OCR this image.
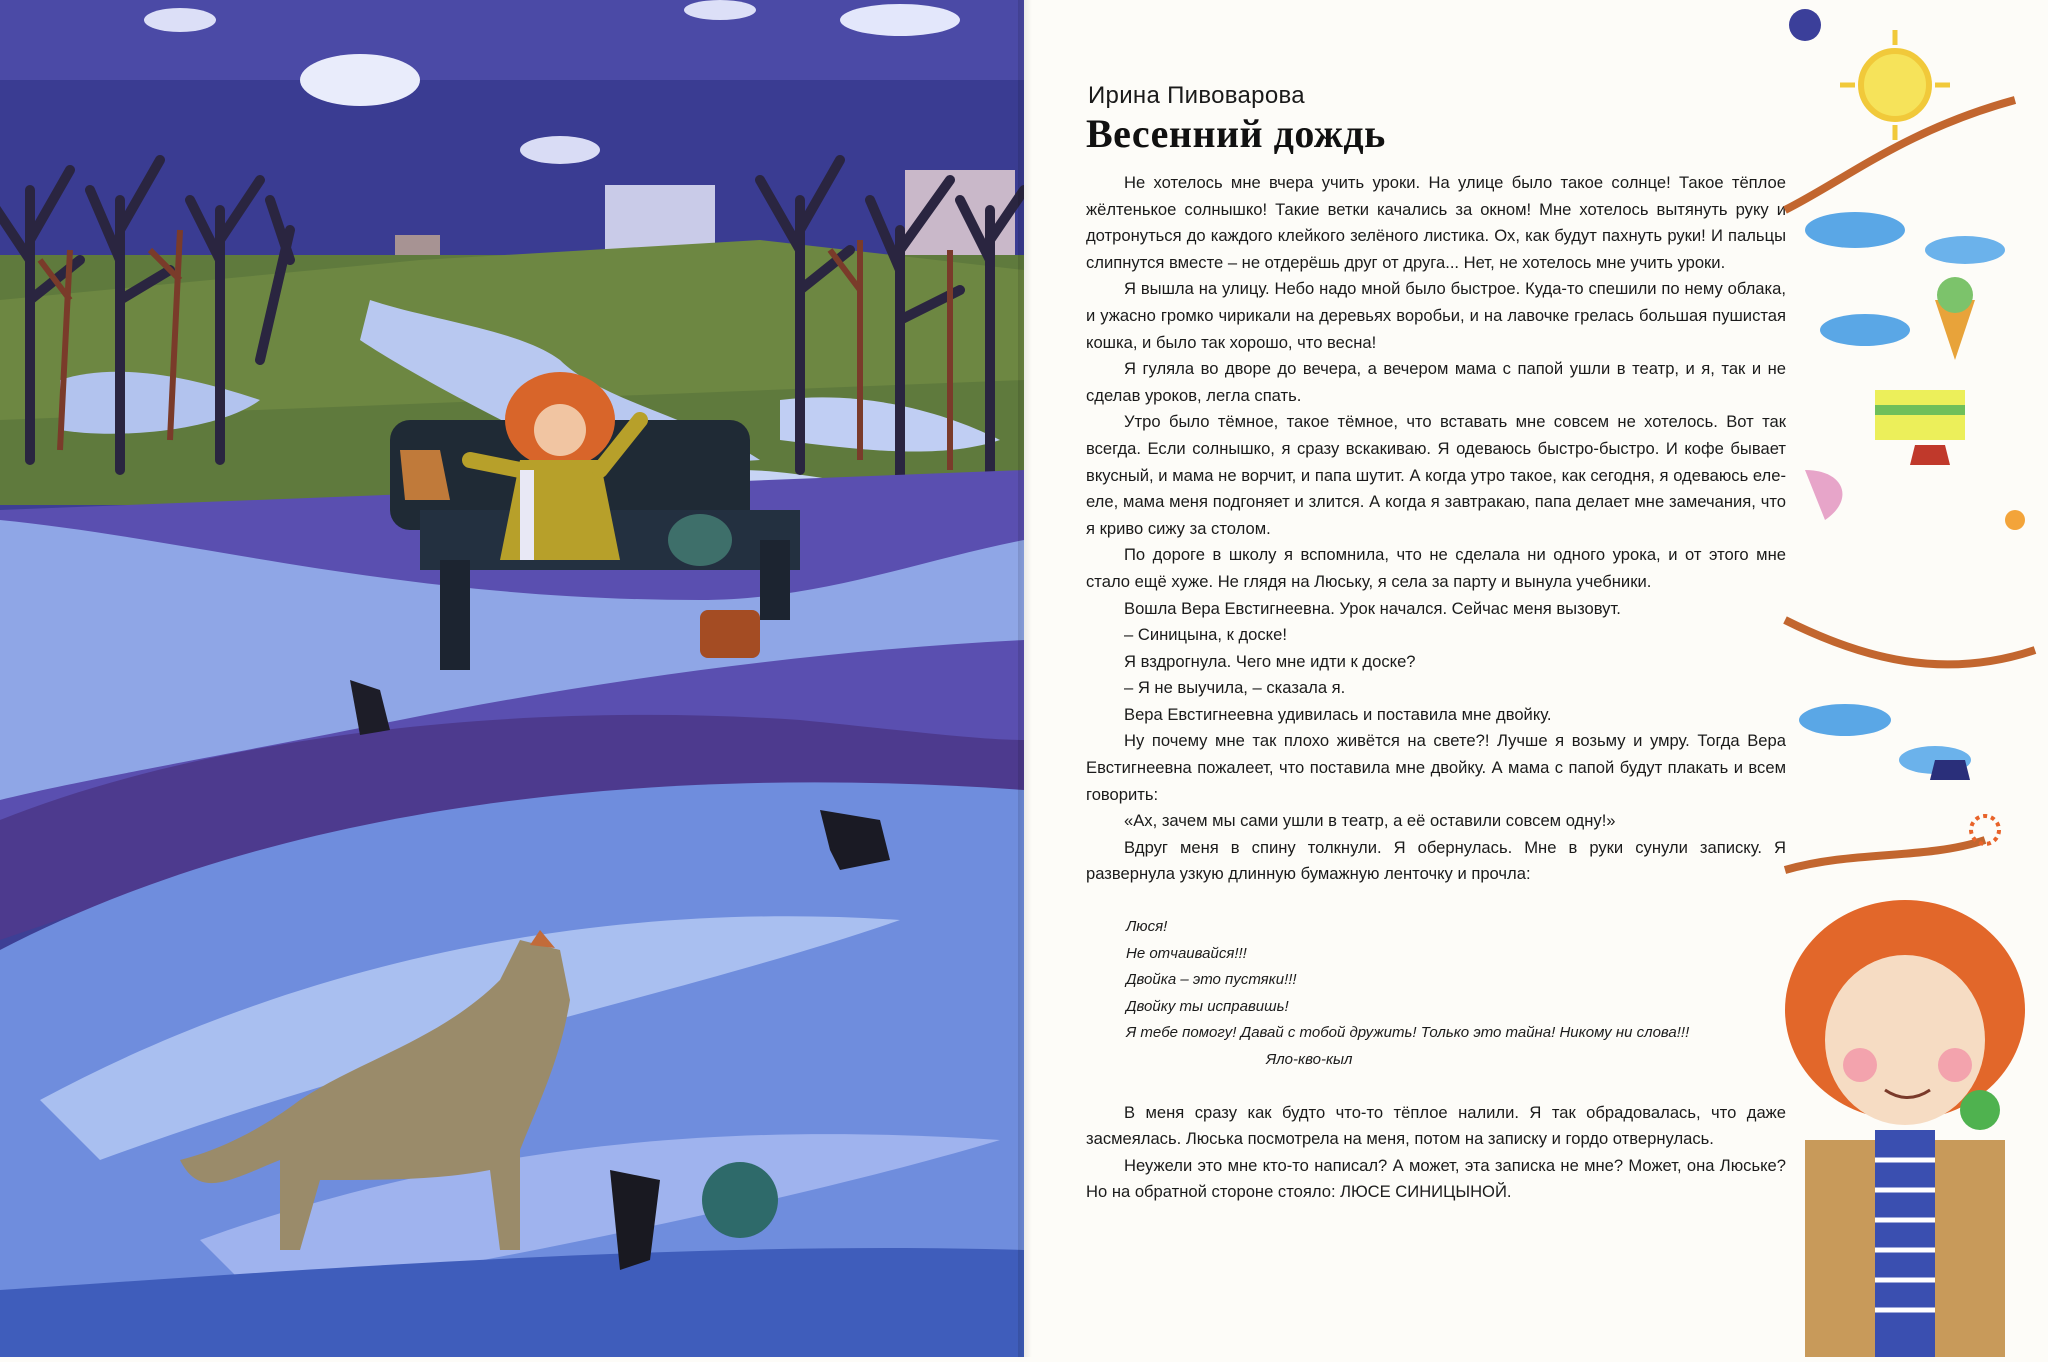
Ирина Пивоварова
Весенний дождь

Не хотелось мне вчера учить уроки. На улице было такое солнце! Такое тёплое жёлтенькое солнышко! Такие ветки качались за окном! Мне хотелось вытянуть руку и дотронуться до каждого клейкого зелёного листика. Ох, как будут пахнуть руки! И пальцы слипнутся вместе – не отдерёшь друг от друга... Нет, не хотелось мне учить уроки.

Я вышла на улицу. Небо надо мной было быстрое. Куда-то спешили по нему облака, и ужасно громко чирикали на деревьях воробьи, и на лавочке грелась большая пушистая кошка, и было так хорошо, что весна!

Я гуляла во дворе до вечера, а вечером мама с папой ушли в театр, и я, так и не сделав уроков, легла спать.

Утро было тёмное, такое тёмное, что вставать мне совсем не хотелось. Вот так всегда. Если солнышко, я сразу вскакиваю. Я одеваюсь быстро-быстро. И кофе бывает вкусный, и мама не ворчит, и папа шутит. А когда утро такое, как сегодня, я одеваюсь еле-еле, мама меня подгоняет и злится. А когда я завтракаю, папа делает мне замечания, что я криво сижу за столом.

По дороге в школу я вспомнила, что не сделала ни одного урока, и от этого мне стало ещё хуже. Не глядя на Люську, я села за парту и вынула учебники.

Вошла Вера Евстигнеевна. Урок начался. Сейчас меня вызовут.

– Синицына, к доске!

Я вздрогнула. Чего мне идти к доске?

– Я не выучила, – сказала я.

Вера Евстигнеевна удивилась и поставила мне двойку.

Ну почему мне так плохо живётся на свете?! Лучше я возьму и умру. Тогда Вера Евстигнеевна пожалеет, что поставила мне двойку. А мама с папой будут плакать и всем говорить:

«Ах, зачем мы сами ушли в театр, а её оставили совсем одну!»

Вдруг меня в спину толкнули. Я обернулась. Мне в руки сунули записку. Я развернула узкую длинную бумажную ленточку и прочла:

Люся!
Не отчаивайся!!!
Двойка – это пустяки!!!
Двойку ты исправишь!
Я тебе помогу! Давай с тобой дружить! Только это тайна! Никому ни слова!!!
Яло-кво-кыл

В меня сразу как будто что-то тёплое налили. Я так обрадовалась, что даже засмеялась. Люська посмотрела на меня, потом на записку и гордо отвернулась.

Неужели это мне кто-то написал? А может, эта записка не мне? Может, она Люське? Но на обратной стороне стояло: ЛЮСЕ СИНИЦЫНОЙ.
